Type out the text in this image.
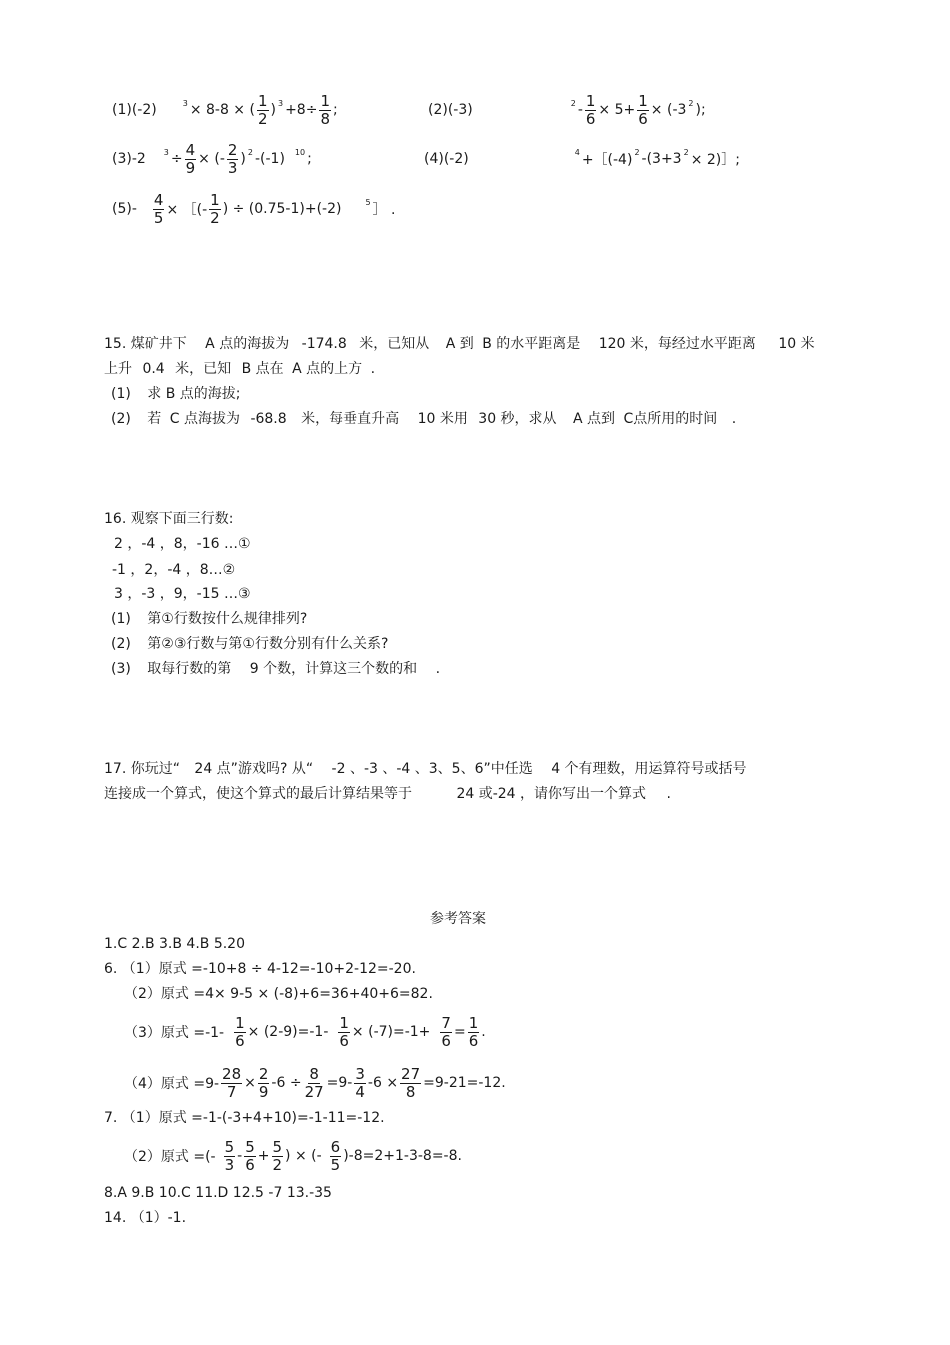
(1)(-2)	3 × 8-8 × ( $\frac{1}{2}$ ) $3 +8\div \frac{1}{8}$ ;	(2)(-3)	$2 - \frac{1}{6} \times 5+ \frac{1}{6} \times (-3$ 2 );
(3)-2 $3 \div \frac{4}{9}$ × (- $\frac{2}{3}$ ) 2 -(-1) 10 ;	(4)(-2)	4 +［(-4) 2 -(3+3 2 × 2)］;
$(5)- \frac{4}{5}$ × ［(- $\frac{1}{2}$ ) ÷ (0.75-1)+(-2)	5 ］ .
15. 煤矿井下 A 点的海拔为 -174.8 米，已知从 A 到 B 的水平距离是 120 米，每经过水平距离 10 米
上升 0.4 米，已知 B 点在 A 点的上方 .
(1) 求 B 点的海拔;
(2) 若 C 点海拔为 -68.8 米，每垂直升高 10 米用 30 秒，求从 A 点到 C点所用的时间 .
16. 观察下面三行数:
2 ，-4 ，8，-16 …①
-1 ，2，-4 ，8…②
3 ，-3 ，9，-15 …③
(1) 第①行数按什么规律排列?
(2) 第②③行数与第①行数分别有什么关系?
(3) 取每行数的第 9 个数，计算这三个数的和 .
17. 你玩过“ 24 点”游戏吗? 从“ -2 、-3 、-4 、3、5、6”中任选 4 个有理数，用运算符号或括号
连接成一个算式，使这个算式的最后计算结果等于	24 或-24 ，请你写出一个算式 .
参考答案
1.C 2.B 3.B 4.B 5.20
6. （1）原式 =-10+8 ÷ 4-12=-10+2-12=-20.
（2）原式 =4× 9-5 × (-8)+6=36+40+6=82.
（3）原式 $=-1- \frac{1}{6} \times (2-9)=-1- \frac{1}{6} \times (-7)=-1+ \frac{7}{6} = \frac{1}{6}$ .
（4）原式 $=9- \frac{28}{7} \times \frac{2}{9} -6 \div \frac{8}{27} =9- \frac{3}{4} -6 \times \frac{27}{8} =9-21=-12$.
7. （1）原式 =-1-(-3+4+10)=-1-11=-12.
（2）原式 =(- $\frac{5}{3} - \frac{5}{6} + \frac{5}{2}$ ) × (- $\frac{6}{5} )-8=2+1-3-8=-8$.
8.A 9.B 10.C 11.D 12.5 -7 13.-35
14. （1）-1.
